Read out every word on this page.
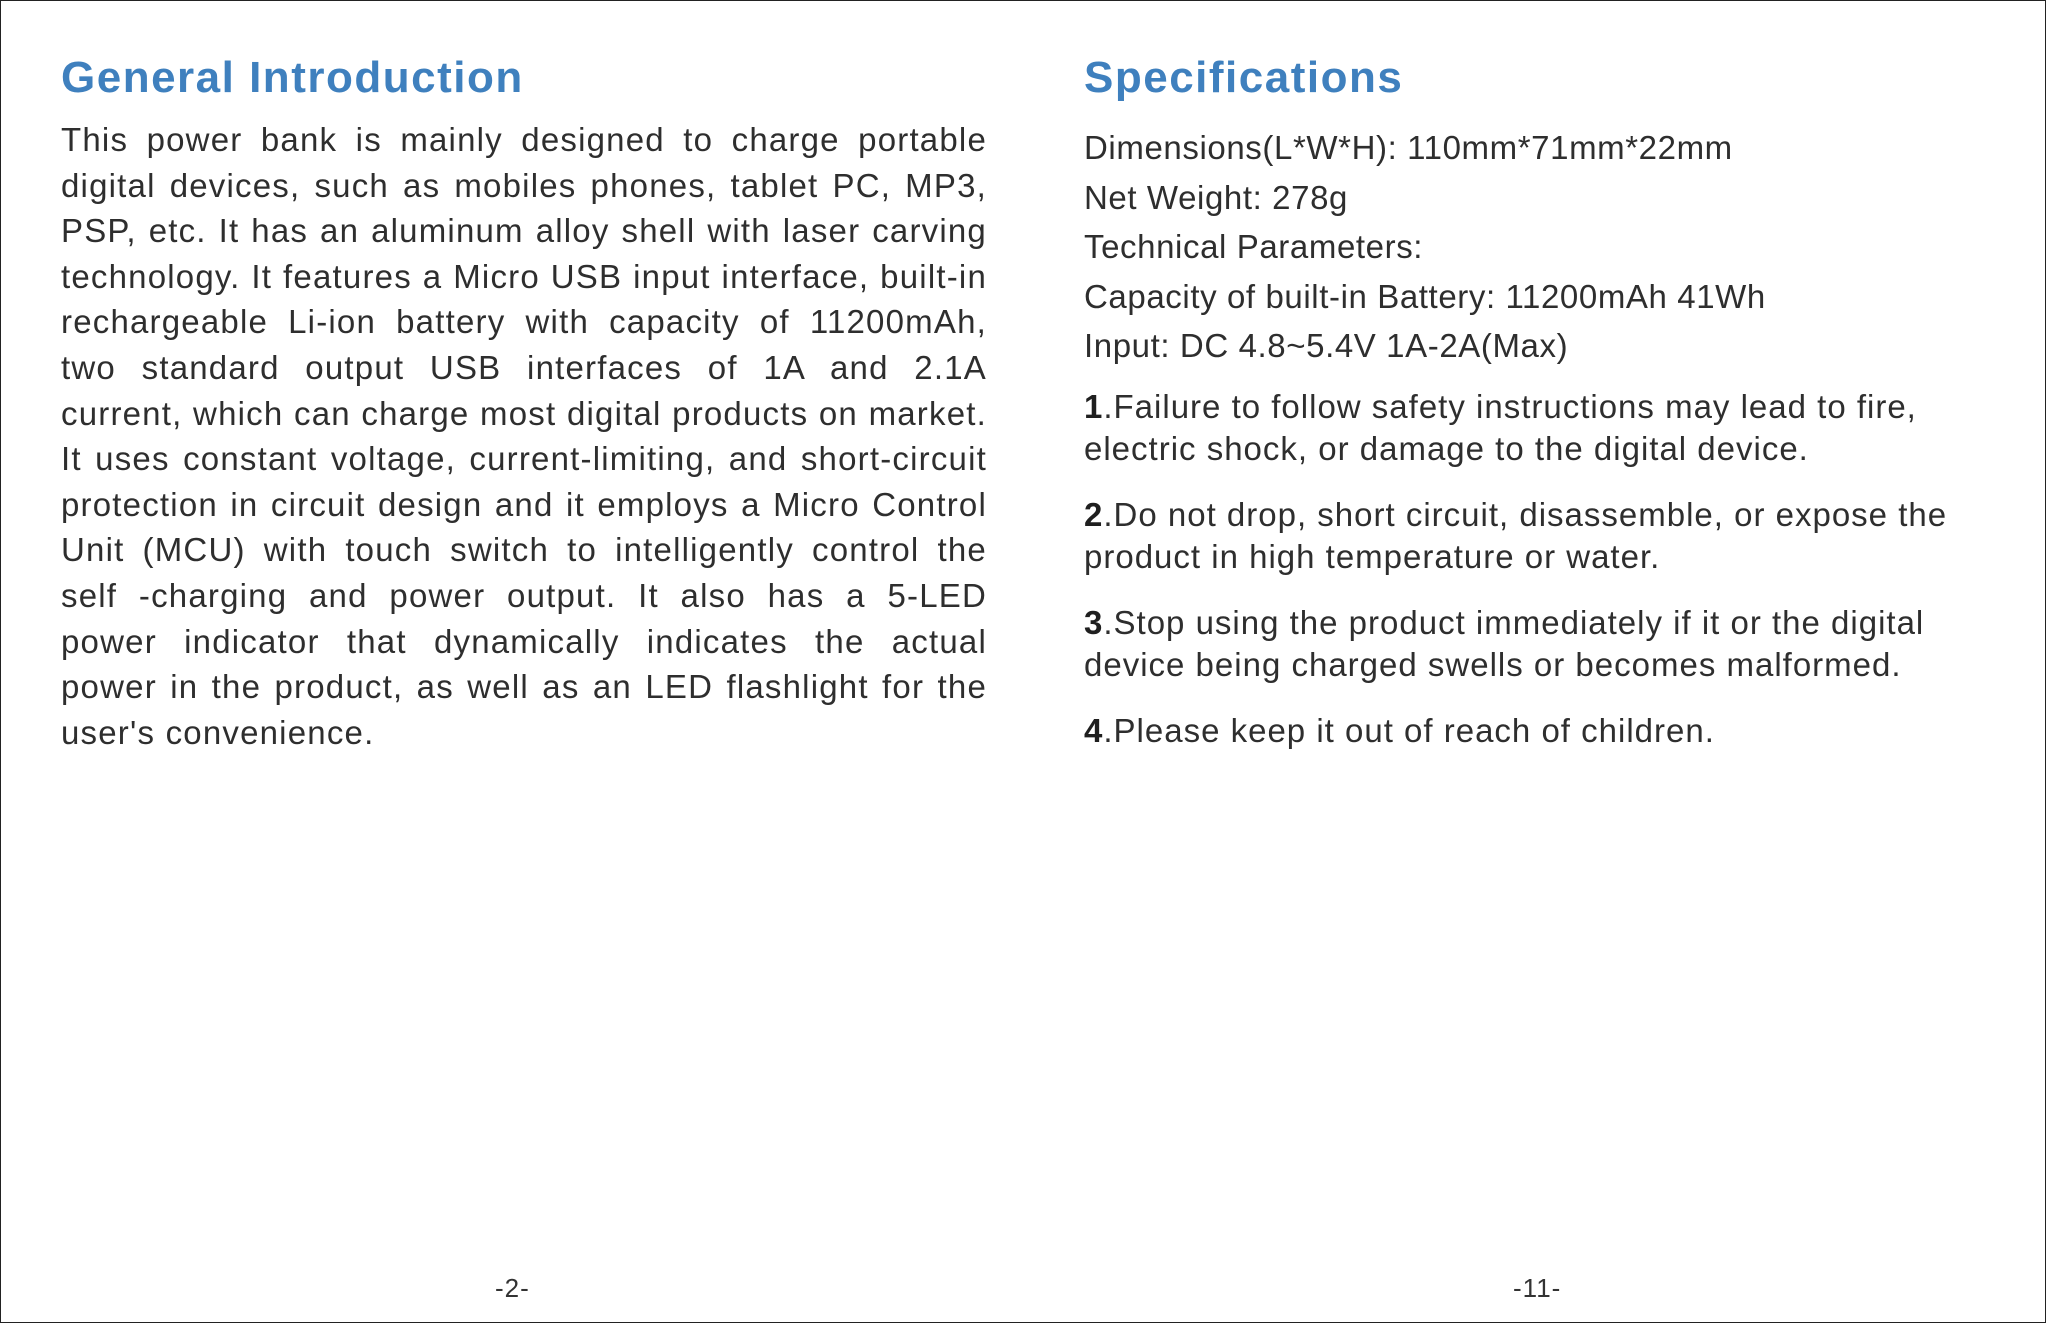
General Introduction

This power bank is mainly designed to charge portable digital devices, such as mobiles phones, tablet PC, MP3, PSP, etc. It has an aluminum alloy shell with laser carving technology. It features a Micro USB input interface, built-in rechargeable Li-ion battery with capacity of 11200mAh, two standard output USB interfaces of 1A and 2.1A current, which can charge most digital products on market. It uses constant voltage, current-limiting, and short-circuit protection in circuit design and it employs a Micro Control Unit (MCU) with touch switch to intelligently control the self -charging and power output. It also has a 5-LED power indicator that dynamically indicates the actual power in the product, as well as an LED flashlight for the user's convenience.

-2-
Specifications
Dimensions(L*W*H): 110mm*71mm*22mm
Net Weight: 278g
Technical Parameters:
Capacity of built-in Battery: 11200mAh 41Wh
Input: DC 4.8~5.4V 1A-2A(Max)
1.Failure to follow safety instructions may lead to fire, electric shock, or damage to the digital device.
2.Do not drop, short circuit, disassemble, or expose the product in high temperature or water.
3.Stop using the product immediately if it or the digital device being charged swells or becomes malformed.
4.Please keep it out of reach of children.
-11-
